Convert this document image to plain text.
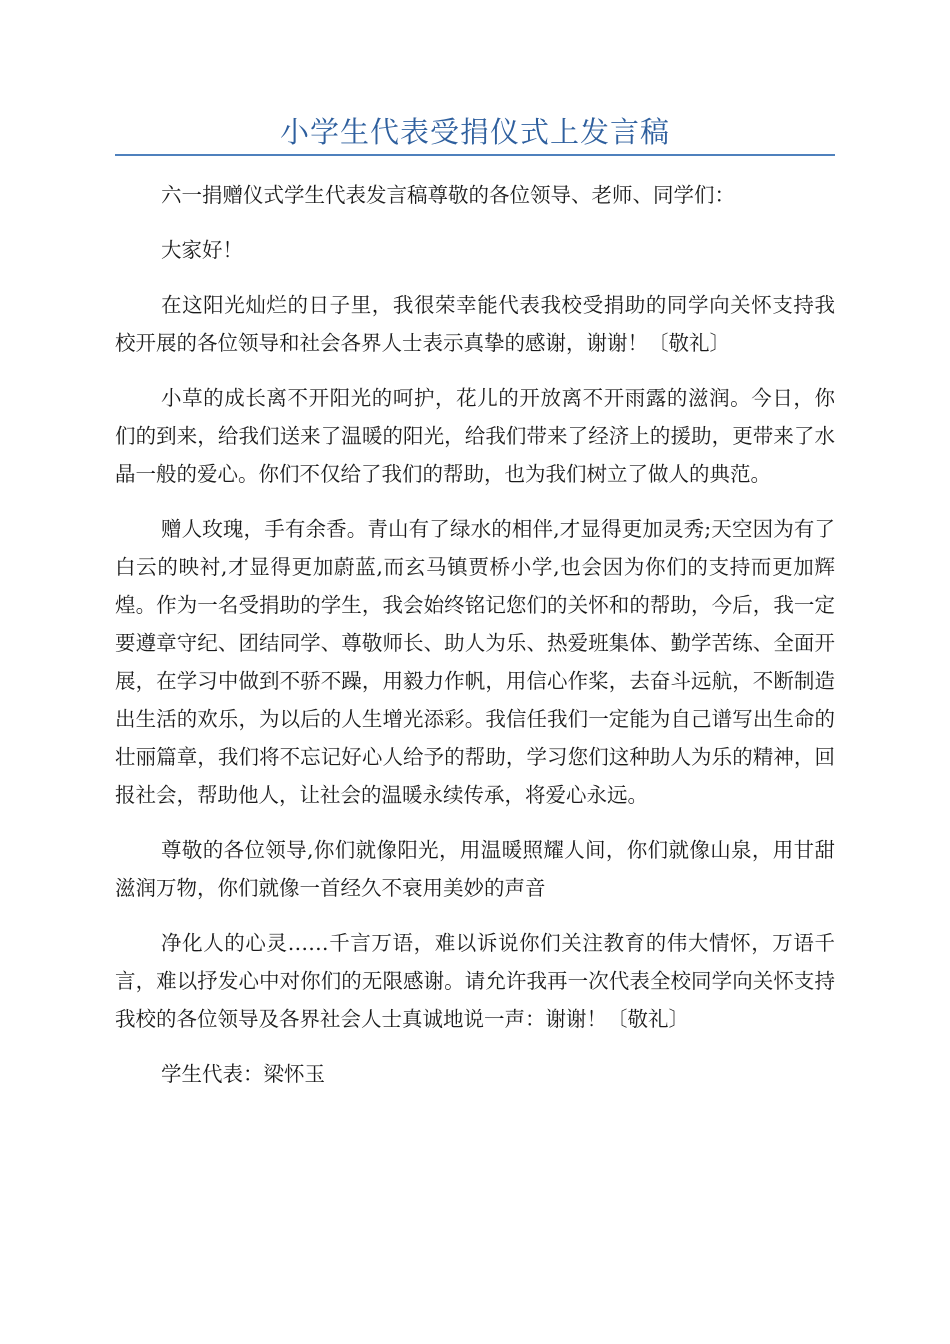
小学生代表受捐仪式上发言稿

六一捐赠仪式学生代表发言稿尊敬的各位领导、老师、同学们：

大家好！

在这阳光灿烂的日子里，我很荣幸能代表我校受捐助的同学向关怀支持我校开展的各位领导和社会各界人士表示真挚的感谢，谢谢！〔敬礼〕

小草的成长离不开阳光的呵护，花儿的开放离不开雨露的滋润。今日，你们的到来，给我们送来了温暖的阳光，给我们带来了经济上的援助，更带来了水晶一般的爱心。你们不仅给了我们的帮助，也为我们树立了做人的典范。

赠人玫瑰，手有余香。青山有了绿水的相伴,才显得更加灵秀;天空因为有了白云的映衬,才显得更加蔚蓝,而玄马镇贾桥小学,也会因为你们的支持而更加辉煌。作为一名受捐助的学生，我会始终铭记您们的关怀和的帮助，今后，我一定要遵章守纪、团结同学、尊敬师长、助人为乐、热爱班集体、勤学苦练、全面开展，在学习中做到不骄不躁，用毅力作帆，用信心作桨，去奋斗远航，不断制造出生活的欢乐，为以后的人生增光添彩。我信任我们一定能为自己谱写出生命的壮丽篇章，我们将不忘记好心人给予的帮助，学习您们这种助人为乐的精神，回报社会，帮助他人，让社会的温暖永续传承，将爱心永远。

尊敬的各位领导,你们就像阳光，用温暖照耀人间，你们就像山泉，用甘甜滋润万物，你们就像一首经久不衰用美妙的声音

净化人的心灵……千言万语，难以诉说你们关注教育的伟大情怀，万语千言，难以抒发心中对你们的无限感谢。请允许我再一次代表全校同学向关怀支持我校的各位领导及各界社会人士真诚地说一声：谢谢！〔敬礼〕

学生代表：梁怀玉
